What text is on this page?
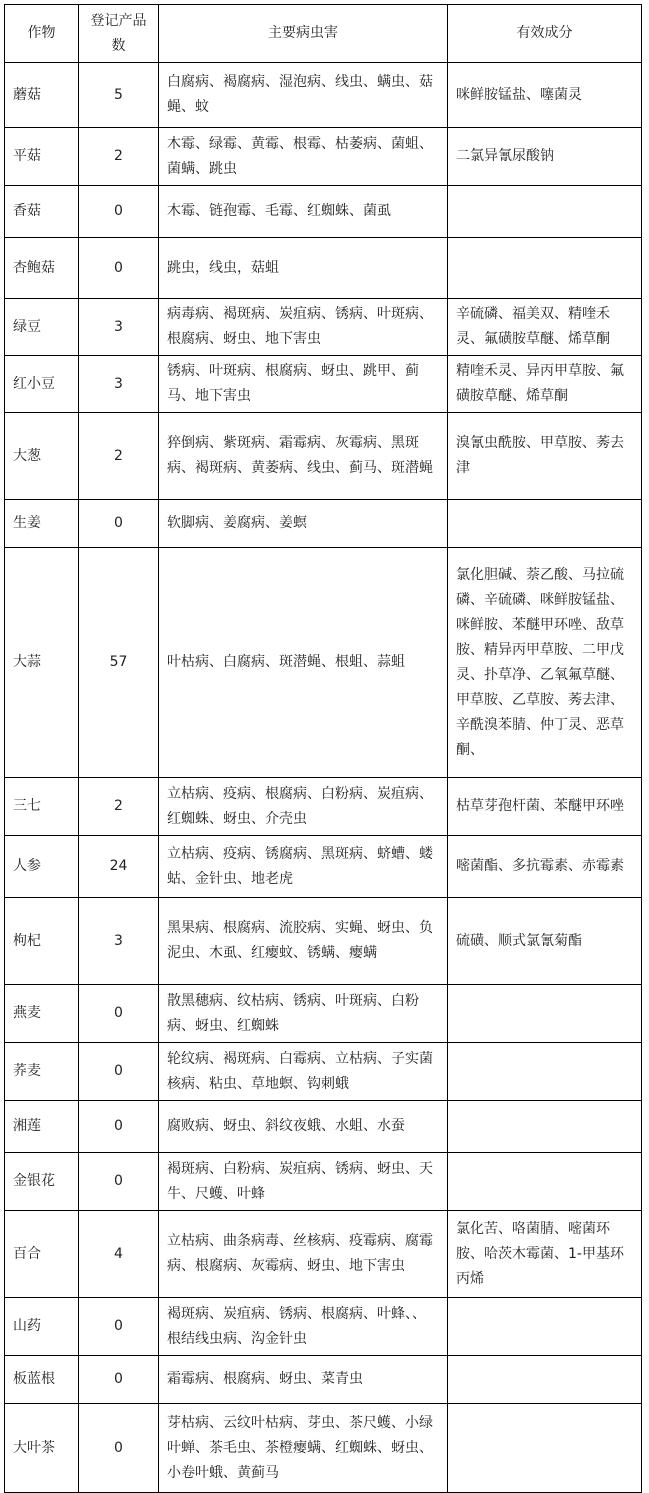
作物	登记产品数	主要病虫害	有效成分
蘑菇	5	白腐病、褐腐病、湿泡病、线虫、螨虫、菇蝇、蚊	咪鲜胺锰盐、噻菌灵
平菇	2	木霉、绿霉、黄霉、根霉、枯萎病、菌蛆、菌螨、跳虫	二氯异氰尿酸钠
香菇	0	木霉、链孢霉、毛霉、红蜘蛛、菌虱	
杏鲍菇	0	跳虫，线虫，菇蛆	
绿豆	3	病毒病、褐斑病、炭疽病、锈病、叶斑病、根腐病、蚜虫、地下害虫	辛硫磷、福美双、精喹禾灵、氟磺胺草醚、烯草酮
红小豆	3	锈病、叶斑病、根腐病、蚜虫、跳甲、蓟马、地下害虫	精喹禾灵、异丙甲草胺、氟磺胺草醚、烯草酮
大葱	2	猝倒病、紫斑病、霜霉病、灰霉病、黑斑病、褐斑病、黄萎病、线虫、蓟马、斑潜蝇	溴氰虫酰胺、甲草胺、莠去津
生姜	0	软脚病、姜腐病、姜螟	
大蒜	57	叶枯病、白腐病、斑潜蝇、根蛆、蒜蛆	氯化胆碱、萘乙酸、马拉硫磷、辛硫磷、咪鲜胺锰盐、咪鲜胺、苯醚甲环唑、敌草胺、精异丙甲草胺、二甲戊灵、扑草净、乙氧氟草醚、甲草胺、乙草胺、莠去津、辛酰溴苯腈、仲丁灵、恶草酮、
三七	2	立枯病、疫病、根腐病、白粉病、炭疽病、红蜘蛛、蚜虫、介壳虫	枯草芽孢杆菌、苯醚甲环唑
人参	24	立枯病、疫病、锈腐病、黑斑病、蛴螬、蝼蛄、金针虫、地老虎	嘧菌酯、多抗霉素、赤霉素
枸杞	3	黑果病、根腐病、流胶病、实蝇、蚜虫、负泥虫、木虱、红瘿蚊、锈螨、瘿螨	硫磺、顺式氯氰菊酯
燕麦	0	散黑穗病、纹枯病、锈病、叶斑病、白粉病、蚜虫、红蜘蛛	
荞麦	0	轮纹病、褐斑病、白霉病、立枯病、子实菌核病、粘虫、草地螟、钩刺蛾	
湘莲	0	腐败病、蚜虫、斜纹夜蛾、水蛆、水蚕	
金银花	0	褐斑病、白粉病、炭疽病、锈病、蚜虫、天牛、尺蠖、叶蜂	
百合	4	立枯病、曲条病毒、丝核病、疫霉病、腐霉病、根腐病、灰霉病、蚜虫、地下害虫	氯化苦、咯菌腈、嘧菌环胺、哈茨木霉菌、1-甲基环丙烯
山药	0	褐斑病、炭疽病、锈病、根腐病、叶蜂、、根结线虫病、沟金针虫	
板蓝根	0	霜霉病、根腐病、蚜虫、菜青虫	
大叶茶	0	芽枯病、云纹叶枯病、芽虫、茶尺蠖、小绿叶蝉、茶毛虫、茶橙瘿螨、红蜘蛛、蚜虫、小卷叶蛾、黄蓟马	
